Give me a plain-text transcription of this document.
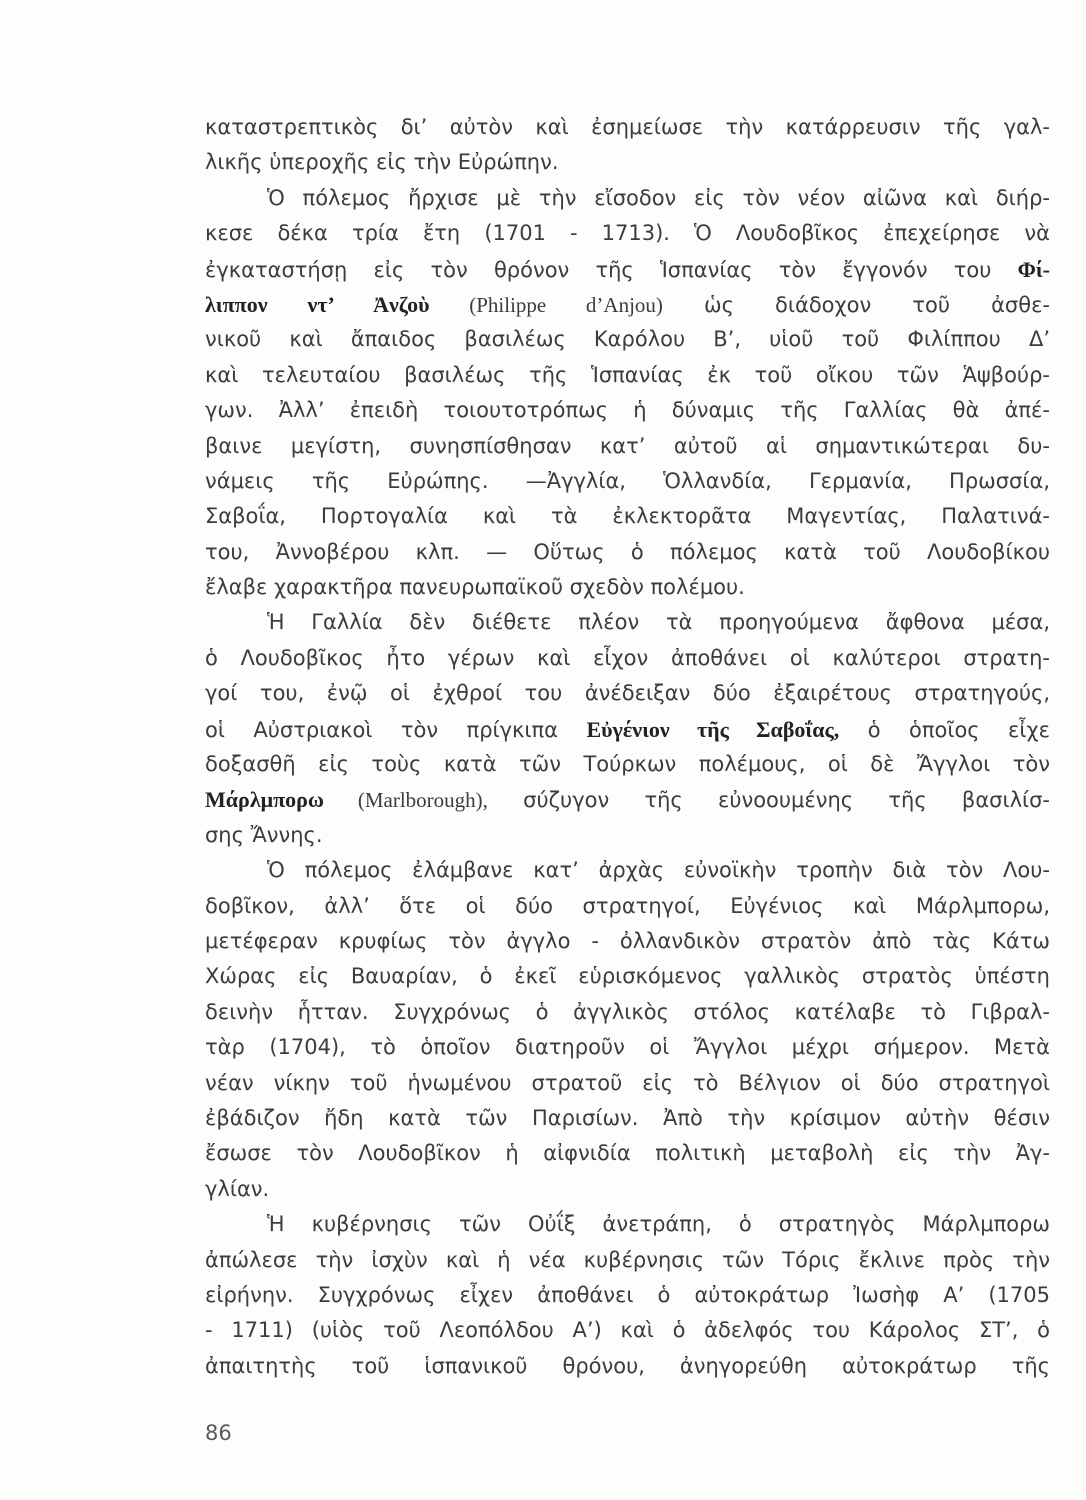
καταστρεπτικὸς δι’ αὐτὸν καὶ ἐσημείωσε τὴν κατάρρευσιν τῆς γαλ-
λικῆς ὑπεροχῆς εἰς τὴν Εὐρώπην.
Ὁ πόλεμος ἤρχισε μὲ τὴν εἴσοδον εἰς τὸν νέον αἰῶνα καὶ διήρ-
κεσε δέκα τρία ἔτη (1701 - 1713). Ὁ Λουδοβῖκος ἐπεχείρησε νὰ
ἐγκαταστήσῃ εἰς τὸν θρόνον τῆς Ἱσπανίας τὸν ἔγγονόν του Φί-
λιππον ντ’ Ἀνζοὺ (Philippe d’Anjou) ὡς διάδοχον τοῦ ἀσθε-
νικοῦ καὶ ἄπαιδος βασιλέως Καρόλου Β’, υἱοῦ τοῦ Φιλίππου Δ’
καὶ τελευταίου βασιλέως τῆς Ἱσπανίας ἐκ τοῦ οἴκου τῶν Ἁψβούρ-
γων. Ἀλλ’ ἐπειδὴ τοιουτοτρόπως ἡ δύναμις τῆς Γαλλίας θὰ ἀπέ-
βαινε μεγίστη, συνησπίσθησαν κατ’ αὐτοῦ αἱ σημαντικώτεραι δυ-
νάμεις τῆς Εὐρώπης. —Ἀγγλία, Ὁλλανδία, Γερμανία, Πρωσσία,
Σαβοΐα, Πορτογαλία καὶ τὰ ἐκλεκτορᾶτα Μαγεντίας, Παλατινά-
του, Ἀννοβέρου κλπ. — Οὕτως ὁ πόλεμος κατὰ τοῦ Λουδοβίκου
ἔλαβε χαρακτῆρα πανευρωπαϊκοῦ σχεδὸν πολέμου.
Ἡ Γαλλία δὲν διέθετε πλέον τὰ προηγούμενα ἄφθονα μέσα,
ὁ Λουδοβῖκος ἦτο γέρων καὶ εἶχον ἀποθάνει οἱ καλύτεροι στρατη-
γοί του, ἐνῷ οἱ ἐχθροί του ἀνέδειξαν δύο ἐξαιρέτους στρατηγούς,
οἱ Αὐστριακοὶ τὸν πρίγκιπα Εὐγένιον τῆς Σαβοΐας, ὁ ὁποῖος εἶχε
δοξασθῆ εἰς τοὺς κατὰ τῶν Τούρκων πολέμους, οἱ δὲ Ἄγγλοι τὸν
Μάρλμπορω (Marlborough), σύζυγον τῆς εὐνοουμένης τῆς βασιλίσ-
σης Ἄννης.
Ὁ πόλεμος ἐλάμβανε κατ’ ἀρχὰς εὐνοϊκὴν τροπὴν διὰ τὸν Λου-
δοβῖκον, ἀλλ’ ὅτε οἱ δύο στρατηγοί, Εὐγένιος καὶ Μάρλμπορω,
μετέφεραν κρυφίως τὸν ἀγγλο - ὀλλανδικὸν στρατὸν ἀπὸ τὰς Κάτω
Χώρας εἰς Βαυαρίαν, ὁ ἐκεῖ εὑρισκόμενος γαλλικὸς στρατὸς ὑπέστη
δεινὴν ἧτταν. Συγχρόνως ὁ ἀγγλικὸς στόλος κατέλαβε τὸ Γιβραλ-
τὰρ (1704), τὸ ὁποῖον διατηροῦν οἱ Ἄγγλοι μέχρι σήμερον. Μετὰ
νέαν νίκην τοῦ ἡνωμένου στρατοῦ εἰς τὸ Βέλγιον οἱ δύο στρατηγοὶ
ἐβάδιζον ἤδη κατὰ τῶν Παρισίων. Ἀπὸ τὴν κρίσιμον αὐτὴν θέσιν
ἔσωσε τὸν Λουδοβῖκον ἡ αἰφνιδία πολιτικὴ μεταβολὴ εἰς τὴν Ἀγ-
γλίαν.
Ἡ κυβέρνησις τῶν Οὐΐξ ἀνετράπη, ὁ στρατηγὸς Μάρλμπορω
ἀπώλεσε τὴν ἰσχὺν καὶ ἡ νέα κυβέρνησις τῶν Τόρις ἔκλινε πρὸς τὴν
εἰρήνην. Συγχρόνως εἶχεν ἀποθάνει ὁ αὐτοκράτωρ Ἰωσὴφ Α’ (1705
- 1711) (υἱὸς τοῦ Λεοπόλδου Α’) καὶ ὁ ἀδελφός του Κάρολος ΣΤ’, ὁ
ἀπαιτητὴς τοῦ ἱσπανικοῦ θρόνου, ἀνηγορεύθη αὐτοκράτωρ τῆς
86
